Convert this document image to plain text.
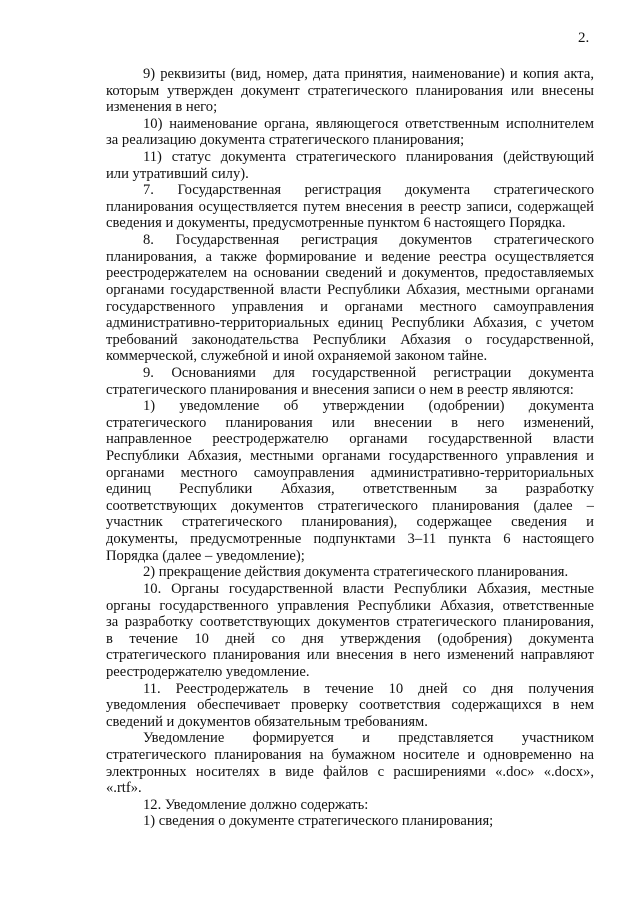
2.
9) реквизиты (вид, номер, дата принятия, наименование) и копия акта,
которым утвержден документ стратегического планирования или внесены
изменения в него;
10) наименование органа, являющегося ответственным исполнителем
за реализацию документа стратегического планирования;
11) статус документа стратегического планирования (действующий
или утративший силу).
7. Государственная регистрация документа стратегического
планирования осуществляется путем внесения в реестр записи, содержащей
сведения и документы, предусмотренные пунктом 6 настоящего Порядка.
8. Государственная регистрация документов стратегического
планирования, а также формирование и ведение реестра осуществляется
реестродержателем на основании сведений и документов, предоставляемых
органами государственной власти Республики Абхазия, местными органами
государственного управления и органами местного самоуправления
административно-территориальных единиц Республики Абхазия, с учетом
требований законодательства Республики Абхазия о государственной,
коммерческой, служебной и иной охраняемой законом тайне.
9. Основаниями для государственной регистрации документа
стратегического планирования и внесения записи о нем в реестр являются:
1) уведомление об утверждении (одобрении) документа
стратегического планирования или внесении в него изменений,
направленное реестродержателю органами государственной власти
Республики Абхазия, местными органами государственного управления и
органами местного самоуправления административно-территориальных
единиц Республики Абхазия, ответственным за разработку
соответствующих документов стратегического планирования (далее –
участник стратегического планирования), содержащее сведения и
документы, предусмотренные подпунктами 3–11 пункта 6 настоящего
Порядка (далее – уведомление);
2) прекращение действия документа стратегического планирования.
10. Органы государственной власти Республики Абхазия, местные
органы государственного управления Республики Абхазия, ответственные
за разработку соответствующих документов стратегического планирования,
в течение 10 дней со дня утверждения (одобрения) документа
стратегического планирования или внесения в него изменений направляют
реестродержателю уведомление.
11. Реестродержатель в течение 10 дней со дня получения
уведомления обеспечивает проверку соответствия содержащихся в нем
сведений и документов обязательным требованиям.
Уведомление формируется и представляется участником
стратегического планирования на бумажном носителе и одновременно на
электронных носителях в виде файлов с расширениями «.doc» «.docx»,
«.rtf».
12. Уведомление должно содержать:
1) сведения о документе стратегического планирования;
